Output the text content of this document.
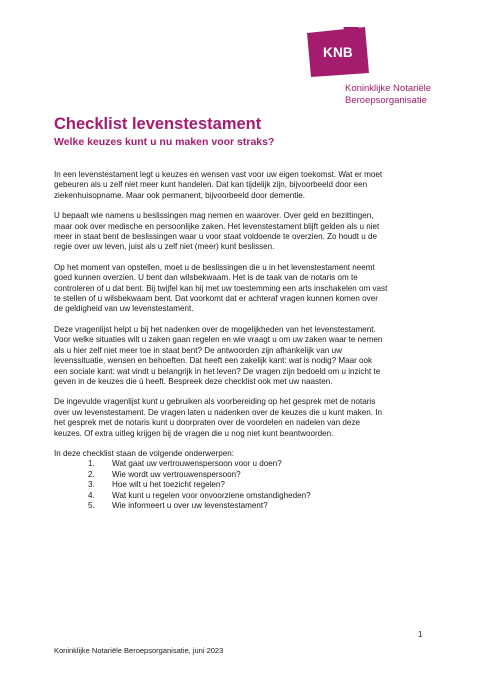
KNB
Koninklijke Notariële
Beroepsorganisatie
Checklist levenstestament
Welke keuzes kunt u nu maken voor straks?
In een levenstestament legt u keuzes en wensen vast voor uw eigen toekomst. Wat er moet
gebeuren als u zelf niet meer kunt handelen. Dat kan tijdelijk zijn, bijvoorbeeld door een
ziekenhuisopname. Maar ook permanent, bijvoorbeeld door dementie.
U bepaalt wie namens u beslissingen mag nemen en waarover. Over geld en bezittingen,
maar ook over medische en persoonlijke zaken. Het levenstestament blijft gelden als u niet
meer in staat bent de beslissingen waar u voor staat voldoende te overzien. Zo houdt u de
regie over uw leven, juist als u zelf niet (meer) kunt beslissen.
Op het moment van opstellen, moet u de beslissingen die u in het levenstestament neemt
goed kunnen overzien. U bent dan wilsbekwaam. Het is de taak van de notaris om te
controleren of u dat bent. Bij twijfel kan hij met uw toestemming een arts inschakelen om vast
te stellen of u wilsbekwaam bent. Dat voorkomt dat er achteraf vragen kunnen komen over
de geldigheid van uw levenstestament.
Deze vragenlijst helpt u bij het nadenken over de mogelijkheden van het levenstestament.
Voor welke situaties wilt u zaken gaan regelen en wie vraagt u om uw zaken waar te nemen
als u hier zelf niet meer toe in staat bent? De antwoorden zijn afhankelijk van uw
levenssituatie, wensen en behoeften. Dat heeft een zakelijk kant: wat is nodig? Maar ook
een sociale kant: wat vindt u belangrijk in het leven? De vragen zijn bedoeld om u inzicht te
geven in de keuzes die ú heeft. Bespreek deze checklist ook met uw naasten.
De ingevulde vragenlijst kunt u gebruiken als voorbereiding op het gesprek met de notaris
over uw levenstestament. De vragen laten u nadenken over de keuzes die u kunt maken. In
het gesprek met de notaris kunt u doorpraten over de voordelen en nadelen van deze
keuzes. Of extra uitleg krijgen bij de vragen die u nog niet kunt beantwoorden.
In deze checklist staan de volgende onderwerpen:
1.	Wat gaat uw vertrouwenspersoon voor u doen?
2.	Wie wordt uw vertrouwenspersoon?
3.	Hoe wilt u het toezicht regelen?
4.	Wat kunt u regelen voor onvoorziene omstandigheden?
5.	Wie informeert u over uw levenstestament?
1
Koninklijke Notariële Beroepsorganisatie, juni 2023
